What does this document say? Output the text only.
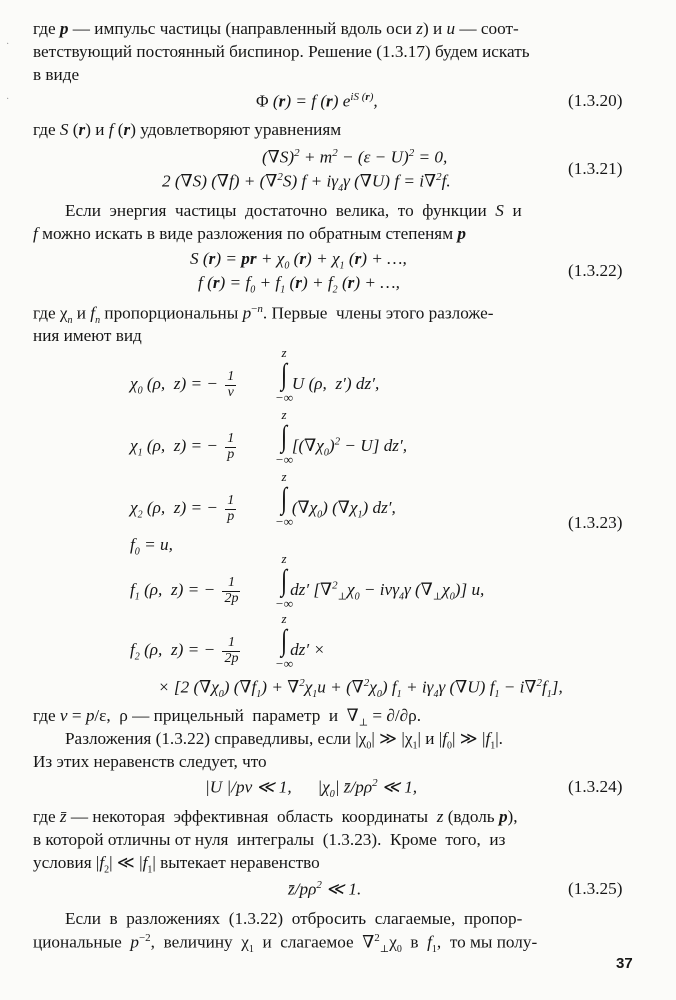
·
·
где p — импульс частицы (направленный вдоль оси z) и u — соот-
ветствующий постоянный биспинор. Решение (1.3.17) будем искать
в виде
Φ (r) = f (r) $e^{iS (r)}$,	(1.3.20)
где S (r) и f (r) удовлетворяют уравнениям
$(\nabla S)^2 + m^2 - (\varepsilon - U)^2 = 0$,
2 (∇S) (∇f) + (∇$^2$S) $f + i\gamma_4\gamma$ (∇U) f = i∇$^2$f.
(1.3.21)
Если  энергия  частицы  достаточно  велика,  то  функции  S  и
f можно искать в виде разложения по обратным степеням p
S (r) = pr + $\chi_0$ $(r) + \chi_1$ (r) + …,
f $(r) = f_0 + f_1$ $(r) + f_2$ (r) + …,
(1.3.22)
где $\chi_n$ и $f_n$ пропорциональны $p^{-n}$. Первые  члены этого разложе-
ния имеют вид
$\chi_0$ (ρ,  z) = − $\frac{1}{v}$	U (ρ,  z′) dz′,
z
∫
−∞
$\chi_1$ (ρ,  z) = − $\frac{1}{p}$	$[(\nabla\chi_0)^2 - U]$ dz′,
z
∫
−∞
$\chi_2$ (ρ,  z) = − $\frac{1}{p}$	$(\nabla\chi_0)$ $(\nabla\chi_1)$ dz′,
z
∫
−∞	(1.3.23)
$f_0 = u$,
$f_1$ (ρ,  z) = − $\frac{1}{2p}$	dz′ [$\nabla^2_\perp\chi_0 - iv\gamma_4\gamma$ $(\nabla_\perp\chi_0)$] u,
z
∫
−∞
$f_2$ (ρ,  z) = − $\frac{1}{2p}$	dz′ ×
z
∫
−∞
× [2 $(\nabla\chi_0) (\nabla f_1) + \nabla^2\chi_1u + (\nabla^2\chi_0) f_1 + i\gamma_4\gamma$ (∇U) $f_1 - i\nabla^2f_1$],
где v = p/ε,  ρ — прицельный  параметр  и  $\nabla_\perp = \partial/\partial\rho$.
Разложения (1.3.22) справедливы, если $|\chi_0|$ ≫ $|\chi_1|$ и $|f_0|$ ≫ $|f_1|$.
Из этих неравенств следует, что
|U |/pv ≪ 1,      $|\chi_0|$ $z̄/p\rho^2$ ≪ 1,	(1.3.24)
где z̄ — некоторая  эффективная  область  координаты  z (вдоль p),
в которой отличны от нуля  интегралы  (1.3.23).  Кроме  того,  из
условия $|f_2|$ ≪ $|f_1|$ вытекает неравенство
$z̄/p\rho^2$ ≪ 1.	(1.3.25)
Если  в  разложениях  (1.3.22)  отбросить  слагаемые,  пропор-
циональные  $p^{-2}$,  величину  $\chi_1$  и  слагаемое  $\nabla^2_\perp\chi_0$  в  $f_1$,  то мы полу-
37
